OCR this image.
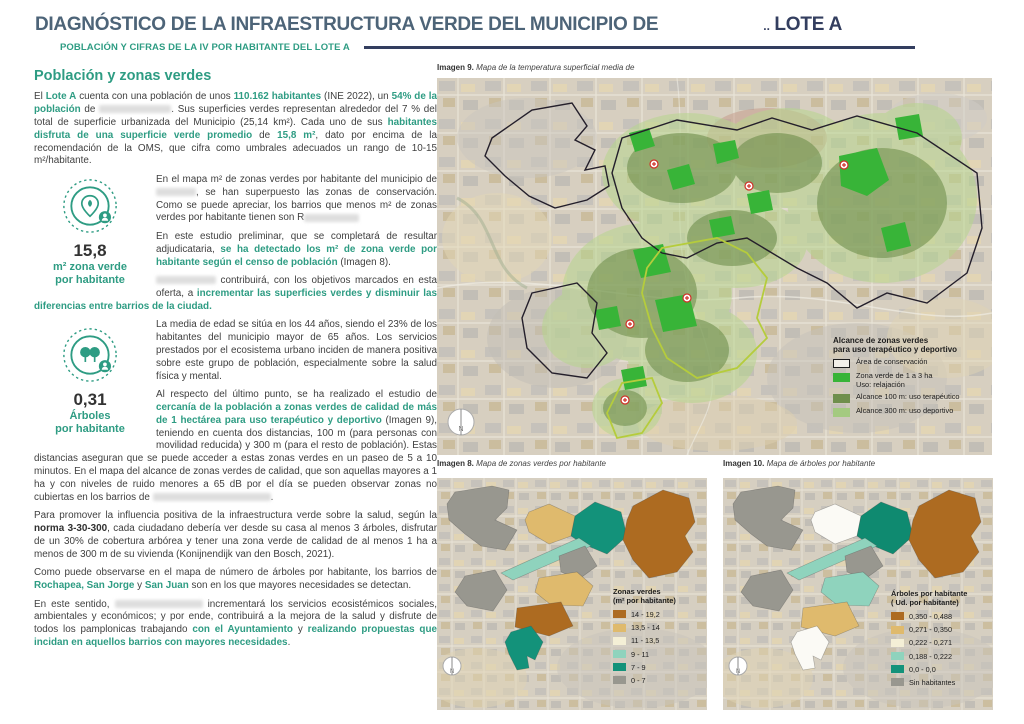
DIAGNÓSTICO DE LA INFRAESTRUCTURA VERDE DEL MUNICIPIO DE	.. LOTE A
POBLACIÓN Y CIFRAS DE LA IV POR HABITANTE DEL LOTE A
Población y zonas verdes

El Lote A cuenta con una población de unos 110.162 habitantes (INE 2022), un 54% de la población de	. Sus superficies verdes representan alrededor del 7 % del total de superficie urbanizada del Municipio (25,14 km²). Cada uno de sus habitantes disfruta de una superficie verde promedio de 15,8 m², dato por encima de la recomendación de la OMS, que cifra como umbrales adecuados un rango de 10-15 m²/habitante.

15,8
m² zona verde
por habitante

En el mapa m² de zonas verdes por habitante del municipio de , se han superpuesto las zonas de conservación. Como se puede apreciar, los barrios que menos m² de zonas verdes por habitante tienen son R

En este estudio preliminar, que se completará de resultar adjudicataria, se ha detectado los m² de zona verde por habitante según el censo de población (Imagen 8).

contribuirá, con los objetivos marcados en esta oferta, a incrementar las superficies verdes y disminuir las diferencias entre barrios de la ciudad.

0,31
Árboles
por habitante

La media de edad se sitúa en los 44 años, siendo el 23% de los habitantes del municipio mayor de 65 años. Los servicios prestados por el ecosistema urbano inciden de manera positiva sobre este grupo de población, especialmente sobre la salud física y mental.

Al respecto del último punto, se ha realizado el estudio de cercanía de la población a zonas verdes de calidad de más de 1 hectárea para uso terapéutico y deportivo (Imagen 9), teniendo en cuenta dos distancias, 100 m (para personas con movilidad reducida) y 300 m (para el resto de población). Estas distancias aseguran que se puede acceder a estas zonas verdes en un paseo de 5 a 10 minutos. En el mapa del alcance de zonas verdes de calidad, que son aquellas mayores a 1 ha y con niveles de ruido menores a 65 dB por el día se pueden observar zonas no cubiertas en los barrios de	.

Para promover la influencia positiva de la infraestructura verde sobre la salud, según la norma 3-30-300, cada ciudadano debería ver desde su casa al menos 3 árboles, disfrutar de un 30% de cobertura arbórea y tener una zona verde de calidad de al menos 1 ha a menos de 300 m de su vivienda (Konijnendijk van den Bosch, 2021).

Como puede observarse en el mapa de número de árboles por habitante, los barrios de Rochapea, San Jorge y San Juan son en los que mayores necesidades se detectan.

En este sentido,	incrementará los servicios ecosistémicos sociales, ambientales y económicos; y por ende, contribuirá a la mejora de la salud y disfrute de todos los pamplonicas trabajando con el Ayuntamiento y realizando propuestas que incidan en aquellos barrios con mayores necesidades.

Imagen 9. Mapa de la temperatura superficial media de
Imagen 8. Mapa de zonas verdes por habitante	Imagen 10. Mapa de árboles por habitante
Alcance de zonas verdes
para uso terapéutico y deportivo
Área de conservación
Zona verde de 1 a 3 ha
Uso: relajación
Alcance 100 m: uso terapéutico
Alcance 300 m: uso deportivo
N
Zonas verdes
(m² por habitante)
14 - 19,2
13,5 - 14
11 - 13,5
9 - 11
7 - 9
0 - 7
N
Árboles por habitante
( Ud. por habitante)
0,350 - 0,488
0,271 - 0,350
0,222 - 0,271
0,188 - 0,222
0,0 - 0,0
Sin habitantes
N
